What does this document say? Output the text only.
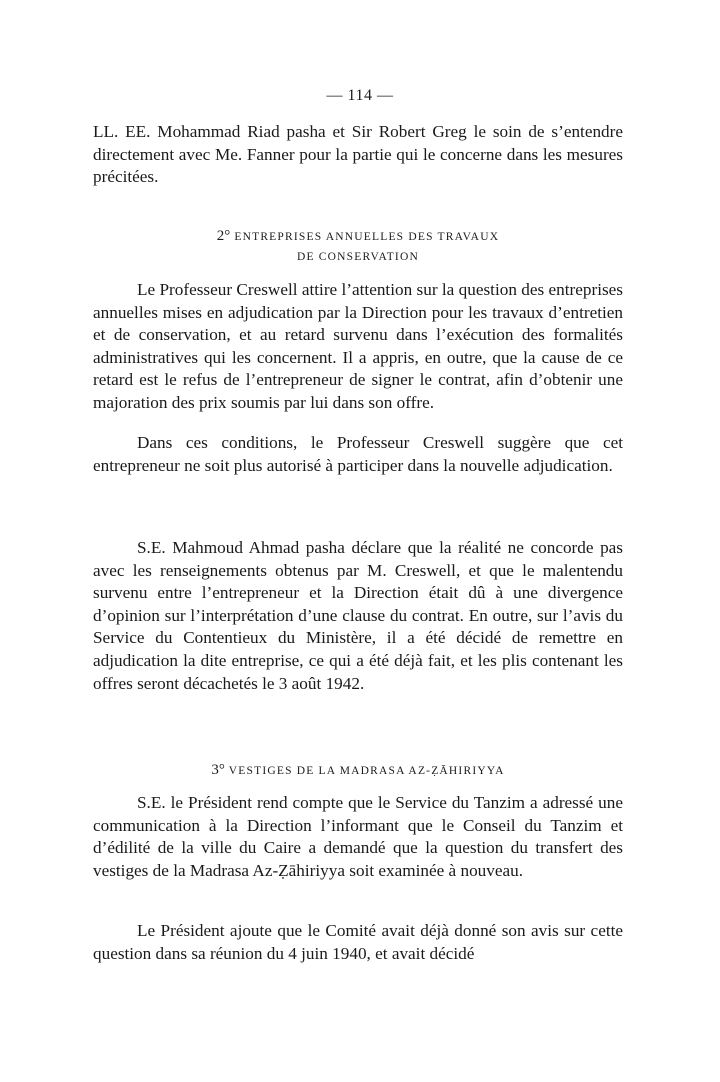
— 114 —

LL. EE. Mohammad Riad pasha et Sir Robert Greg le soin de s’entendre directement avec Me. Fanner pour la partie qui le concerne dans les mesures précitées.

2° ENTREPRISES ANNUELLES DES TRAVAUX
DE CONSERVATION

Le Professeur Creswell attire l’attention sur la question des entreprises annuelles mises en adjudication par la Direction pour les travaux d’entretien et de conservation, et au retard survenu dans l’exécution des formalités administratives qui les concernent. Il a appris, en outre, que la cause de ce retard est le refus de l’entrepreneur de signer le contrat, afin d’obtenir une majoration des prix soumis par lui dans son offre.

Dans ces conditions, le Professeur Creswell suggère que cet entrepreneur ne soit plus autorisé à participer dans la nouvelle adjudication.

S.E. Mahmoud Ahmad pasha déclare que la réalité ne concorde pas avec les renseignements obtenus par M. Creswell, et que le malentendu survenu entre l’entrepreneur et la Direction était dû à une divergence d’opinion sur l’interprétation d’une clause du contrat. En outre, sur l’avis du Service du Contentieux du Ministère, il a été décidé de remettre en adjudication la dite entreprise, ce qui a été déjà fait, et les plis contenant les offres seront décachetés le 3 août 1942.

3° VESTIGES DE LA MADRASA AZ-ẒĀHIRIYYA

S.E. le Président rend compte que le Service du Tanzim a adressé une communication à la Direction l’informant que le Conseil du Tanzim et d’édilité de la ville du Caire a demandé que la question du transfert des vestiges de la Madrasa Az-Ẓāhiriyya soit examinée à nouveau.

Le Président ajoute que le Comité avait déjà donné son avis sur cette question dans sa réunion du 4 juin 1940, et avait décidé
